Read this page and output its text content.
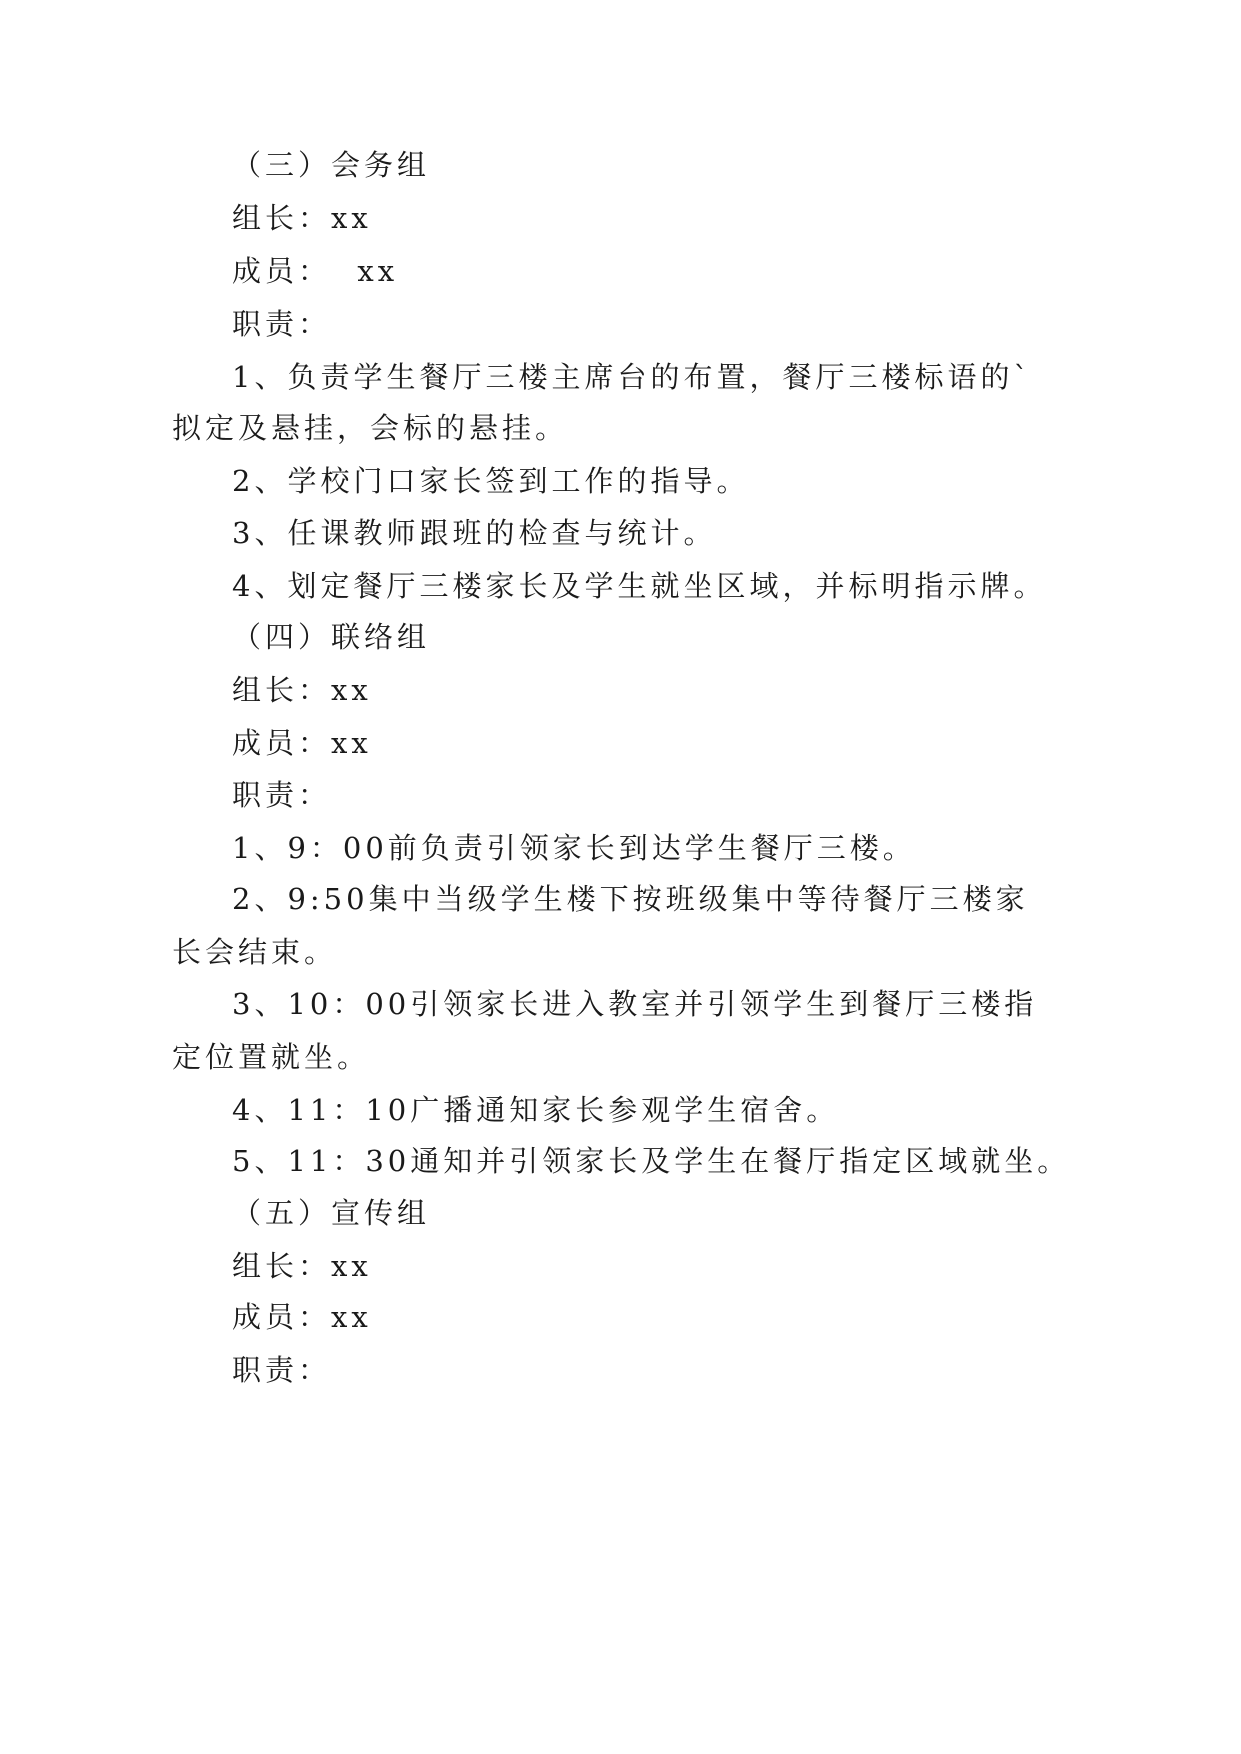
（三）会务组

组长：xx

成员：  xx

职责：

1、负责学生餐厅三楼主席台的布置，餐厅三楼标语的`

拟定及悬挂，会标的悬挂。

2、学校门口家长签到工作的指导。

3、任课教师跟班的检查与统计。

4、划定餐厅三楼家长及学生就坐区域，并标明指示牌。

（四）联络组

组长：xx

成员：xx

职责：

1、9：00前负责引领家长到达学生餐厅三楼。

2、9:50集中当级学生楼下按班级集中等待餐厅三楼家

长会结束。

3、10：00引领家长进入教室并引领学生到餐厅三楼指

定位置就坐。

4、11：10广播通知家长参观学生宿舍。

5、11：30通知并引领家长及学生在餐厅指定区域就坐。

（五）宣传组

组长：xx

成员：xx

职责：
